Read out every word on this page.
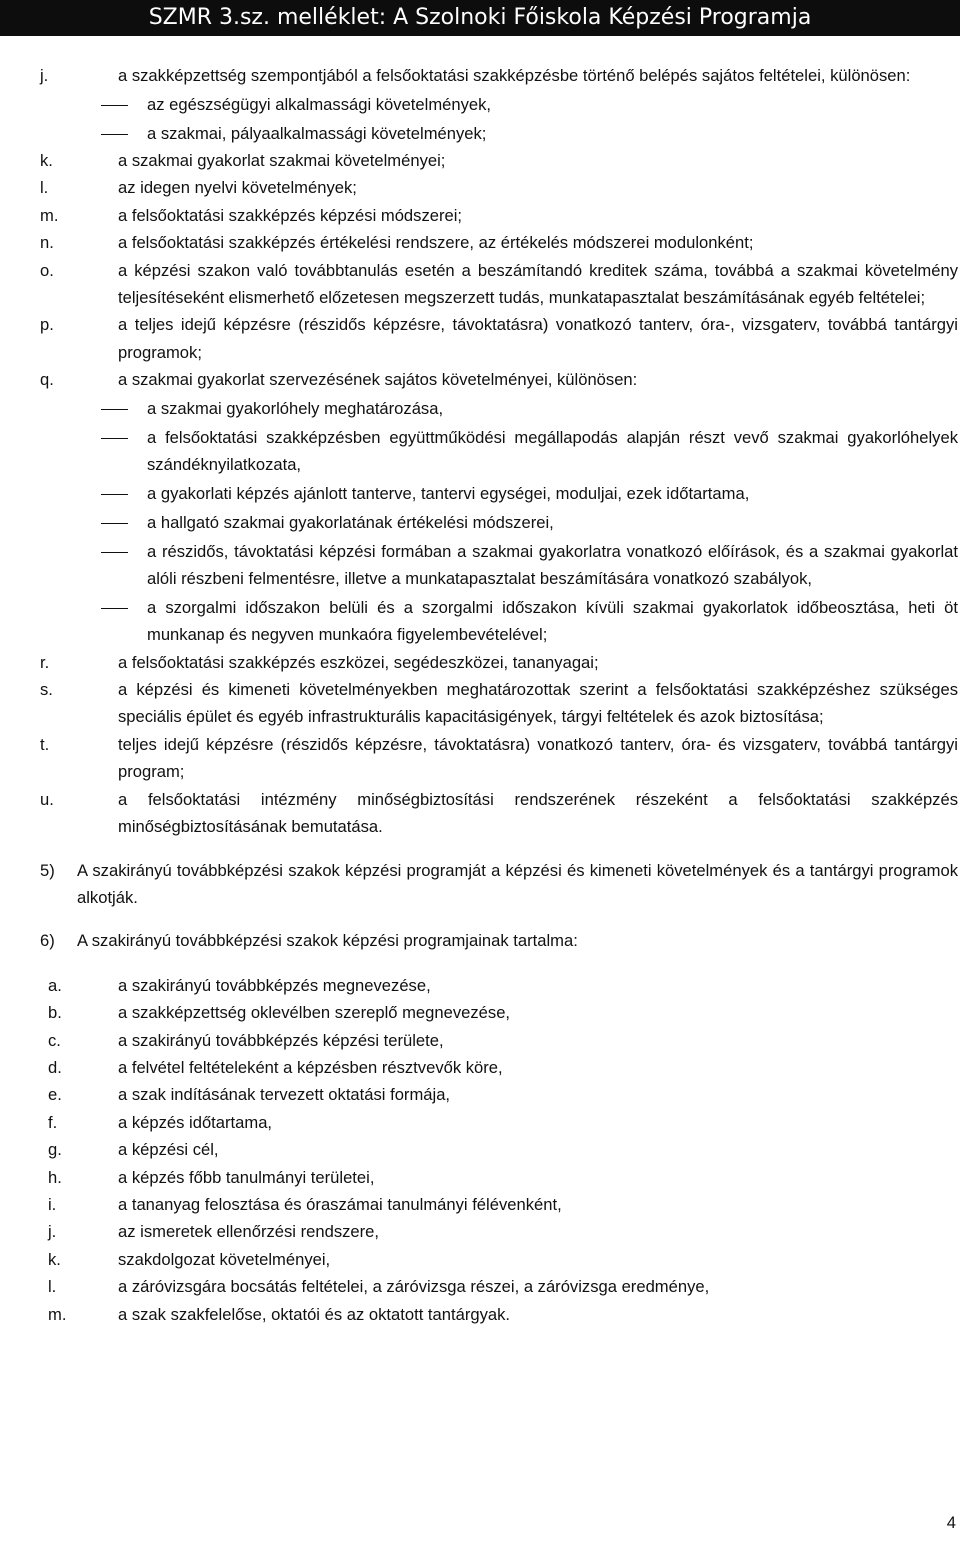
SZMR 3.sz. melléklet: A Szolnoki Főiskola Képzési Programja
j.	a szakképzettség szempontjából a felsőoktatási szakképzésbe történő belépés sajátos feltételei, különösen:
az egészségügyi alkalmassági követelmények,
a szakmai, pályaalkalmassági követelmények;
k.	a szakmai gyakorlat szakmai követelményei;
l.	az idegen nyelvi követelmények;
m.	a felsőoktatási szakképzés képzési módszerei;
n.	a felsőoktatási szakképzés értékelési rendszere, az értékelés módszerei modulonként;
o.	a képzési szakon való továbbtanulás esetén a beszámítandó kreditek száma, továbbá a szakmai követelmény teljesítéseként elismerhető előzetesen megszerzett tudás, munkatapasztalat beszámításának egyéb feltételei;
p.	a teljes idejű képzésre (részidős képzésre, távoktatásra) vonatkozó tanterv, óra-, vizsgaterv, továbbá tantárgyi programok;
q.	a szakmai gyakorlat szervezésének sajátos követelményei, különösen:
a szakmai gyakorlóhely meghatározása,
a felsőoktatási szakképzésben együttműködési megállapodás alapján részt vevő szakmai gyakorlóhelyek szándéknyilatkozata,
a gyakorlati képzés ajánlott tanterve, tantervi egységei, moduljai, ezek időtartama,
a hallgató szakmai gyakorlatának értékelési módszerei,
a részidős, távoktatási képzési formában a szakmai gyakorlatra vonatkozó előírások, és a szakmai gyakorlat alóli részbeni felmentésre, illetve a munkatapasztalat beszámítására vonatkozó szabályok,
a szorgalmi időszakon belüli és a szorgalmi időszakon kívüli szakmai gyakorlatok időbeosztása, heti öt munkanap és negyven munkaóra figyelembevételével;
r.	a felsőoktatási szakképzés eszközei, segédeszközei, tananyagai;
s.	a képzési és kimeneti követelményekben meghatározottak szerint a felsőoktatási szakképzéshez szükséges speciális épület és egyéb infrastrukturális kapacitásigények, tárgyi feltételek és azok biztosítása;
t.	teljes idejű képzésre (részidős képzésre, távoktatásra) vonatkozó tanterv, óra- és vizsgaterv, továbbá tantárgyi program;
u.	a felsőoktatási intézmény minőségbiztosítási rendszerének részeként a felsőoktatási szakképzés minőségbiztosításának bemutatása.
5) A szakirányú továbbképzési szakok képzési programját a képzési és kimeneti követelmények és a tantárgyi programok alkotják.
6) A szakirányú továbbképzési szakok képzési programjainak tartalma:
a.	a szakirányú továbbképzés megnevezése,
b.	a szakképzettség oklevélben szereplő megnevezése,
c.	a szakirányú továbbképzés képzési területe,
d.	a felvétel feltételeként a képzésben résztvevők köre,
e.	a szak indításának tervezett oktatási formája,
f.	a képzés időtartama,
g.	a képzési cél,
h.	a képzés főbb tanulmányi területei,
i.	a tananyag felosztása és óraszámai tanulmányi félévenként,
j.	az ismeretek ellenőrzési rendszere,
k.	szakdolgozat követelményei,
l.	a záróvizsgára bocsátás feltételei, a záróvizsga részei, a záróvizsga eredménye,
m.	a szak szakfelelőse, oktatói és az oktatott tantárgyak.
4
